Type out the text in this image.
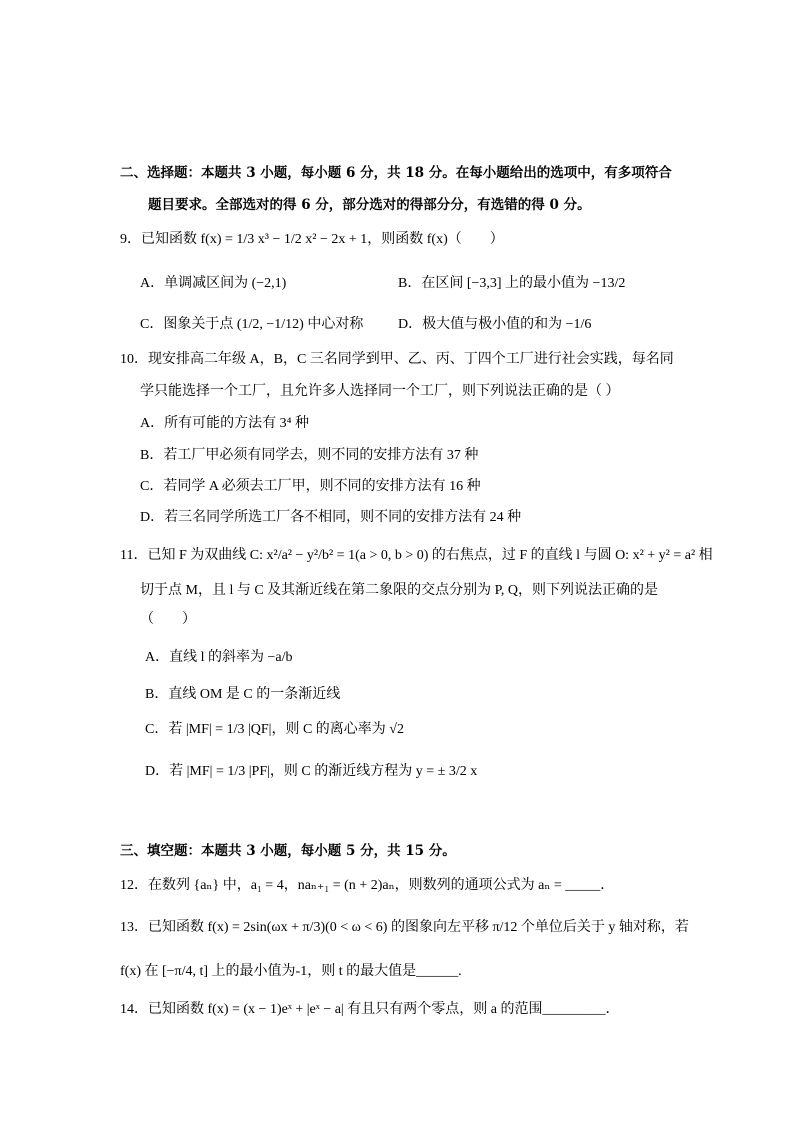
二、选择题：本题共 3 小题，每小题 6 分，共 18 分。在每小题给出的选项中，有多项符合
题目要求。全部选对的得 6 分，部分选对的得部分分，有选错的得 0 分。
9．已知函数 f(x) = 1/3 x³ − 1/2 x² − 2x + 1，则函数 f(x)（　　）
A．单调减区间为 (−2,1)	B．在区间 [−3,3] 上的最小值为 −13/2
C．图象关于点 (1/2, −1/12) 中心对称 D．极大值与极小值的和为 −1/6
10．现安排高二年级 A，B，C 三名同学到甲、乙、丙、丁四个工厂进行社会实践，每名同
学只能选择一个工厂，且允许多人选择同一个工厂，则下列说法正确的是（ ）
A．所有可能的方法有 3⁴ 种
B．若工厂甲必须有同学去，则不同的安排方法有 37 种
C．若同学 A 必须去工厂甲，则不同的安排方法有 16 种
D．若三名同学所选工厂各不相同，则不同的安排方法有 24 种
11．已知 F 为双曲线 C: x²/a² − y²/b² = 1(a > 0, b > 0) 的右焦点，过 F 的直线 l 与圆 O: x² + y² = a² 相
切于点 M，且 l 与 C 及其渐近线在第二象限的交点分别为 P, Q，则下列说法正确的是
（　　）
A．直线 l 的斜率为 −a/b
B．直线 OM 是 C 的一条渐近线
C．若 |MF| = 1/3 |QF|，则 C 的离心率为 √2
D．若 |MF| = 1/3 |PF|，则 C 的渐近线方程为 y = ± 3/2 x
三、填空题：本题共 3 小题，每小题 5 分，共 15 分。
12．在数列 {aₙ} 中，a₁ = 4，naₙ₊₁ = (n + 2)aₙ，则数列的通项公式为 aₙ = _____．
13．已知函数 f(x) = 2sin(ωx + π/3)(0 < ω < 6) 的图象向左平移 π/12 个单位后关于 y 轴对称，若
f(x) 在 [−π/4, t] 上的最小值为-1，则 t 的最大值是______.
14．已知函数 f(x) = (x − 1)eˣ + |eˣ − a| 有且只有两个零点，则 a 的范围_________．
